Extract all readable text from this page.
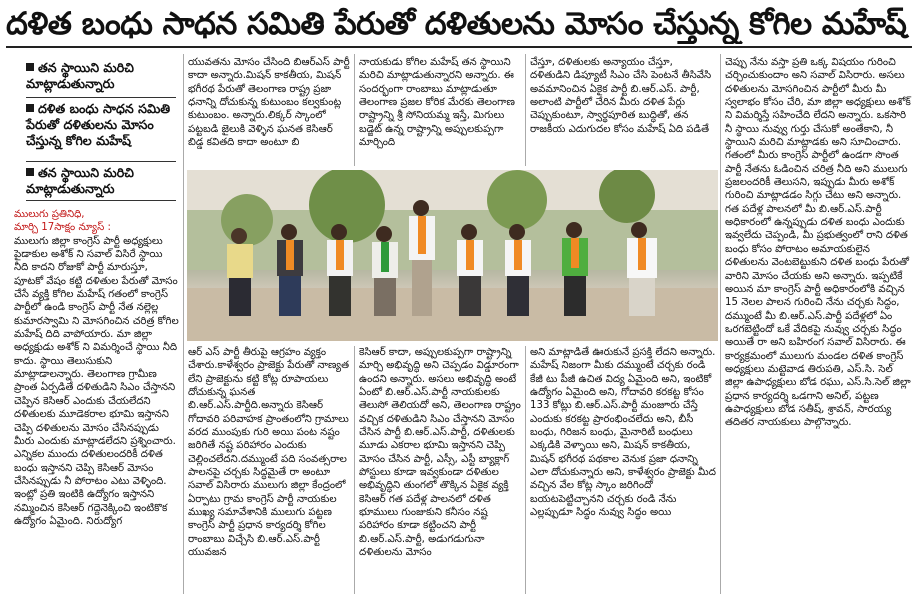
దళిత బంధు సాధన సమితి పేరుతో దళితులను మోసం చేస్తున్న కోగిల మహేష్
తన స్థాయిని మరిచి మాట్లాడుతున్నారు
దళిత బంధు సాధన సమితి పేరుతో దళితులను మోసం చేస్తున్న కోగిల మహేష్
తన స్థాయిని మరిచి మాట్లాడుతున్నారు

ములుగు ప్రతినిధి,

మార్చి 17సాక్షం న్యూస్ :

ములుగు జిల్లా కాంగ్రెస్ పార్టీ అధ్యక్షులు పైడాకుల అశోక్ ని సవాల్ విసిరే స్థాయి నీది కాదని రోజుకో పార్టీ మారుస్తూ, పూటకో వేషం కట్టి దళితుల పేరుతో మోసం చేసే వ్యక్తి కోగిల మహేష్ గతంలో కాంగ్రెస్ పార్టీలో ఉండి కాంగ్రెస్ పార్టీ నేత నల్లెల్ల కుమారస్వామి ని మోసగించిన చరిత్ర కోగిల మహేష్ దిది వాపోయారు. మా జిల్లా అధ్యక్షుడు అశోక్ ని విమర్శించే స్థాయి నీది కాదు. స్థాయి తెలుసుకుని మాట్లాడాలన్నారు. తెలంగాణ గ్రామీణ ప్రాంత ఏర్పడితే దళితుడిని సిఎం చేస్తానని చెప్పిన కెసిఆర్ ఎందుకు చేయలేదని దళితులకు మూడెకరాల భూమి ఇస్తానని చెప్పి దళితులను మోసం చేసినప్పుడు మీరు ఎందుకు మాట్లాడలేదని ప్రశ్నించారు. ఎన్నికల ముందు దళితులందరికీ దళిత బంధు ఇస్తానని చెప్పి కెసిఆర్ మోసం చేసినప్పుడు నీ పోరాటం ఎటు వెళ్ళింది. ఇంట్లో ప్రతి ఇంటికి ఉద్యోగం ఇస్తానని నమ్మించిన కెసిఆర్ గద్దెనెక్కించి ఇంటికొక ఉద్యోగం ఏమైంది. నిరుద్యోగ

యువతను మోసం చేసింది బిఆర్ఎస్ పార్టీ కాదా అన్నారు.మిషన్ కాకతీయ, మిషన్ భగీరథ పేరుతో తెలంగాణ రాష్ట్ర ప్రజా ధనాన్ని దోచుకున్న కుటుంబం కల్వకుంట్ల కుటుంబం. అన్నారు.లిక్కర్ స్కాంలో పట్టబడి జైలుకి వెళ్ళిన ఘనత కెసిఆర్ బిడ్డ కవితది కాదా అంటూ బి

నాయకుడు కోగిల మహేష్ తన స్థాయిని మరిచి మాట్లాడుతున్నారని అన్నారు. ఈ సందర్భంగా రాంబాబు మాట్లాడుతూ తెలంగాణ ప్రజల కోరిక మేరకు తెలంగాణ రాష్ట్రాన్ని శ్రీ సోనియమ్మ ఇస్తే, మిగులు బడ్జెట్ ఉన్న రాష్ట్రాన్ని అప్పులకుప్పగా మార్చింది

చేస్తూ, దళితులకు అన్యాయం చేస్తూ, దళితుడిని డిప్యూటీ సిఎం చేసి పెంటనే తీసివేసి అవమానించిన ఏకైక పార్టీ బి.ఆర్.ఎస్. పార్టీ, అలాంటి పార్టీలో చేరిన మీరు దళిత పేర్లు చెప్పుకుంటూ, స్వార్థపూరిత బుద్ధితో, తన రాజకీయ ఎదుగుదల కోసం మహేష్ ఏది పడితే

ఆర్ ఎస్ పార్టీ తీరుపై ఆగ్రహం వ్యక్తం చేశారు.కాళేశ్వరం ప్రాజెక్టు పేరుతో నాణ్యత లేని ప్రాజెక్టును కట్టి కోట్ల రూపాయలు దోచుకున్న ఘనత బి.ఆర్.ఎస్.పార్టీది.అన్నారు కెసిఆర్ గోదావరి పరివాహక ప్రాంతంలోని గ్రామాలు వరద ముంపుకు గురి అయి పంట నష్టం జరిగితే నష్ట పరిహారం ఎందుకు చెల్లించలేదని.దమ్ముంటే పది సంవత్సరాల పాలనపై చర్చకు సిద్ధమైతే రా అంటూ సవాల్ విసిరారు ములుగు జిల్లా కేంద్రంలో ఏర్పాటు గ్రామ కాంగ్రెస్ పార్టీ నాయకుల ముఖ్య సమావేశానికి ములుగు పట్టణ కాంగ్రెస్ పార్టీ ప్రధాన కార్యదర్శి కోగిల రాంబాబు విచ్చేసి బి.ఆర్.ఎస్.పార్టీ యువజన

కెసిఆర్ కాదా, అప్పులకుప్పగా రాష్ట్రాన్ని మార్చి అభివృద్ధి అని చెప్పడం విడ్డూరంగా ఉందని అన్నారు. అసలు అభివృద్ధి అంటే ఏంటో బి.ఆర్.ఎస్.పార్టీ నాయకులకు తెలుసో తెలియదో అని, తెలంగాణ రాష్ట్రం వచ్చిక దళితుడిని సిఎం చేస్తానని మోసం చేసిన పార్టీ బి.ఆర్.ఎస్.పార్టీ, దళితులకు మూడు ఎకరాల భూమి ఇస్తానని చెప్పి మోసం చేసిన పార్టీ, ఎస్సీ, ఎస్టీ బ్యాక్లాగ్ పోస్టులు కూడా ఇవ్వకుండా దళితుల అభివృద్ధిని తుంగలో తొక్కిన ఏకైక వ్యక్తి కెసిఆర్ గత పదేళ్ల పాలనలో దళిత భూములు గుంజుకుని కనీసం నష్ట పరిహారం కూడా కట్టించని పార్టీ బి.ఆర్.ఎస్.పార్టీ, అడుగడుగునా దళితులను మోసం

అని మాట్లాడితే ఊరుకునే ప్రసక్తి లేదని అన్నారు. మహేష్ నిజంగా మీకు దమ్ముంటే చర్చకు రండి కేజీ టు పీజీ ఉచిత విద్య ఏమైంది అని, ఇంటికో ఉద్యోగం ఏమైంది అని, గోదావరి కరకట్ట కోసం 133 కోట్లు బి.ఆర్.ఎస్.పార్టీ మంజూరు చేస్తే ఎందుకు కరకట్ట ప్రారంభించలేదు అని, బీసీ బంధు, గిరిజన బంధు, మైనారిటీ బంధులు ఎక్కడికి వెళ్ళాయి అని, మిషన్ కాకతీయ, మిషన్ భగీరథ పథకాల వెనుక ప్రజా ధనాన్ని ఎలా దోచుకున్నారు అని, కాళేశ్వరం ప్రాజెక్టు మీద వచ్చిన వేల కోట్ల స్కాం జరిగిందో బయటపెట్టిచ్చానని చర్చకు రండి నేను ఎల్లప్పుడూ సిద్ధం నువ్వు సిద్ధం అయి

చెప్పు నేను వస్తా ప్రతి ఒక్క విషయం గురించి చర్చించుకుందాం అని సవాల్ విసిరారు. అసలు దళితులను మోసగించిన పార్టీలో మీరు మీ స్వలాభం కోసం చేరి, మా జిల్లా అధ్యక్షులు అశోక్ ని విమర్శిస్తే సహించేది లేదని అన్నారు. ఒకసారి నీ స్థాయి నువ్వు గుర్తు చేసుకో అంతేకాని, నీ స్థాయిని మరిచి మాట్లాడకు అని సూచించారు. గతంలో మీరు కాంగ్రెస్ పార్టీలో ఉండగా సొంత పార్టీ నేతను ఓడించిన చరిత్ర నీది అని ములుగు ప్రజలందరికీ తెలుసని, ఇప్పుడు మీరు అశోక్ గురించి మాట్లాడడం సిగ్గు చేటు అని అన్నారు. గత పదేళ్ల పాలనలో మీ బి.ఆర్.ఎస్.పార్టీ అధికారంలో ఉన్నప్పుడు దళిత బంధు ఎందుకు ఇవ్వలేదు చెప్పండి, మీ ప్రభుత్వంలో రాని దళిత బంధు కోసం పోరాటం అమాయకులైన దళితులను వెంటబెట్టుకుని దళిత బంధు పేరుతో వారిని మోసం చేయకు అని అన్నారు. ఇప్పటికే అయిన మా కాంగ్రెస్ పార్టీ అధికారంలోకి వచ్చిన 15 నెలల పాలన గురించి నేను చర్చకు సిద్ధం, దమ్ముంటే మీ బి.ఆర్.ఎస్.పార్టీ పదేళ్లలో ఏం ఒరగబెట్టిందో ఒకే వేదికపై నువ్వు చర్చకు సిద్ధం అయితే రా అని బహిరంగ సవాల్ విసిరారు. ఈ కార్యక్రమంలో ములుగు మండల దళిత కాంగ్రెస్ అధ్యక్షులు మట్టెవాడ తిరుపతి, ఎస్.సి. సెల్ జిల్లా ఉపాధ్యక్షులు బోడ రఘు, ఎస్.సి.సెల్ జిల్లా ప్రధాన కార్యదర్శి ఒడగాని అనిల్, పట్టణ ఉపాధ్యక్షులు బోడ సతీష్, శ్రావన్, సారయ్య తదితర నాయకులు పాల్గొన్నారు.
